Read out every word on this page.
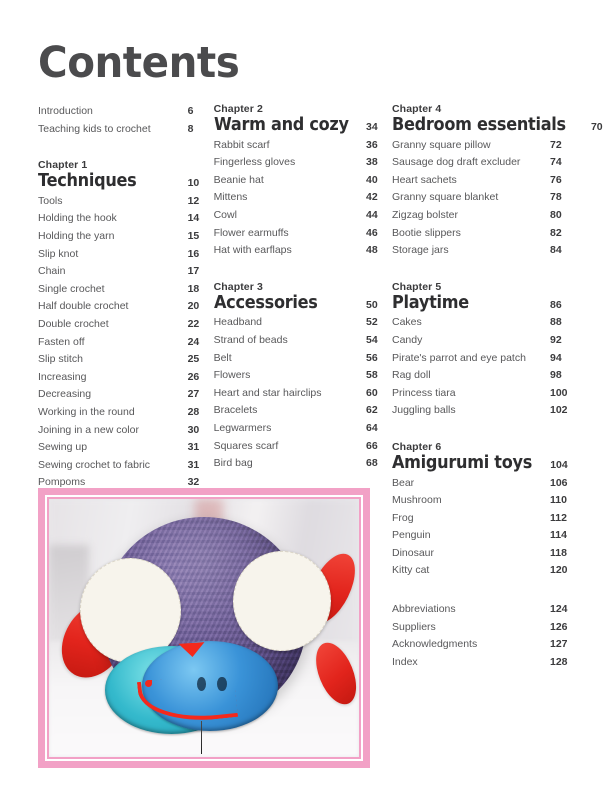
Contents
Introduction	6
Teaching kids to crochet	8
Chapter 1
Techniques	10
Tools	12
Holding the hook	14
Holding the yarn	15
Slip knot	16
Chain	17
Single crochet	18
Half double crochet	20
Double crochet	22
Fasten off	24
Slip stitch	25
Increasing	26
Decreasing	27
Working in the round	28
Joining in a new color	30
Sewing up	31
Sewing crochet to fabric	31
Pompoms	32
Chapter 2
Warm and cozy	34
Rabbit scarf	36
Fingerless gloves	38
Beanie hat	40
Mittens	42
Cowl	44
Flower earmuffs	46
Hat with earflaps	48
Chapter 3
Accessories	50
Headband	52
Strand of beads	54
Belt	56
Flowers	58
Heart and star hairclips	60
Bracelets	62
Legwarmers	64
Squares scarf	66
Bird bag	68
Chapter 4
Bedroom essentials	70
Granny square pillow	72
Sausage dog draft excluder	74
Heart sachets	76
Granny square blanket	78
Zigzag bolster	80
Bootie slippers	82
Storage jars	84
Chapter 5
Playtime	86
Cakes	88
Candy	92
Pirate's parrot and eye patch	94
Rag doll	98
Princess tiara	100
Juggling balls	102
Chapter 6
Amigurumi toys	104
Bear	106
Mushroom	110
Frog	112
Penguin	114
Dinosaur	118
Kitty cat	120
Abbreviations	124
Suppliers	126
Acknowledgments	127
Index	128
